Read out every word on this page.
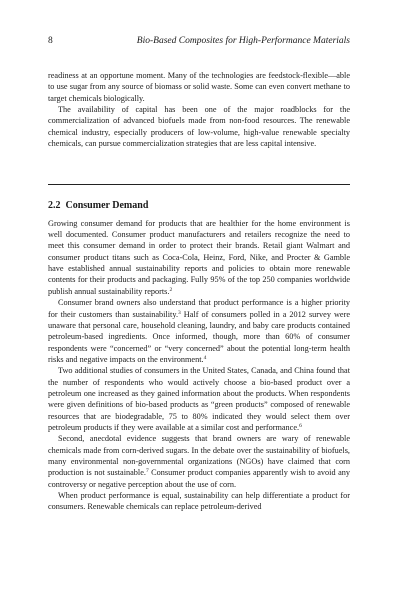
8	Bio-Based Composites for High-Performance Materials

readiness at an opportune moment. Many of the technologies are feedstock-flexible—able to use sugar from any source of biomass or solid waste. Some can even convert methane to target chemicals biologically.

The availability of capital has been one of the major roadblocks for the commercialization of advanced biofuels made from non-food resources. The renewable chemical industry, especially producers of low-volume, high-value renewable specialty chemicals, can pursue commercialization strategies that are less capital intensive.

2.2 Consumer Demand

Growing consumer demand for products that are healthier for the home environment is well documented. Consumer product manufacturers and retailers recognize the need to meet this consumer demand in order to protect their brands. Retail giant Walmart and consumer product titans such as Coca-Cola, Heinz, Ford, Nike, and Procter & Gamble have established annual sustainability reports and policies to obtain more renewable contents for their products and packaging. Fully 95% of the top 250 companies worldwide publish annual sustainability reports.$^2$

Consumer brand owners also understand that product performance is a higher priority for their customers than sustainability.$^3$ Half of consumers polled in a 2012 survey were unaware that personal care, household cleaning, laundry, and baby care products contained petroleum-based ingredients. Once informed, though, more than 60% of consumer respondents were “concerned” or “very concerned” about the potential long-term health risks and negative impacts on the environment.$^4$

Two additional studies of consumers in the United States, Canada, and China found that the number of respondents who would actively choose a bio-based product over a petroleum one increased as they gained information about the products. When respondents were given definitions of bio-based products as “green products” composed of renewable resources that are biodegradable, 75 to 80% indicated they would select them over petroleum products if they were available at a similar cost and performance.$^6$

Second, anecdotal evidence suggests that brand owners are wary of renewable chemicals made from corn-derived sugars. In the debate over the sustainability of biofuels, many environmental non-governmental organizations (NGOs) have claimed that corn production is not sustainable.$^7$ Consumer product companies apparently wish to avoid any controversy or negative perception about the use of corn.

When product performance is equal, sustainability can help differentiate a product for consumers. Renewable chemicals can replace petroleum-derived
